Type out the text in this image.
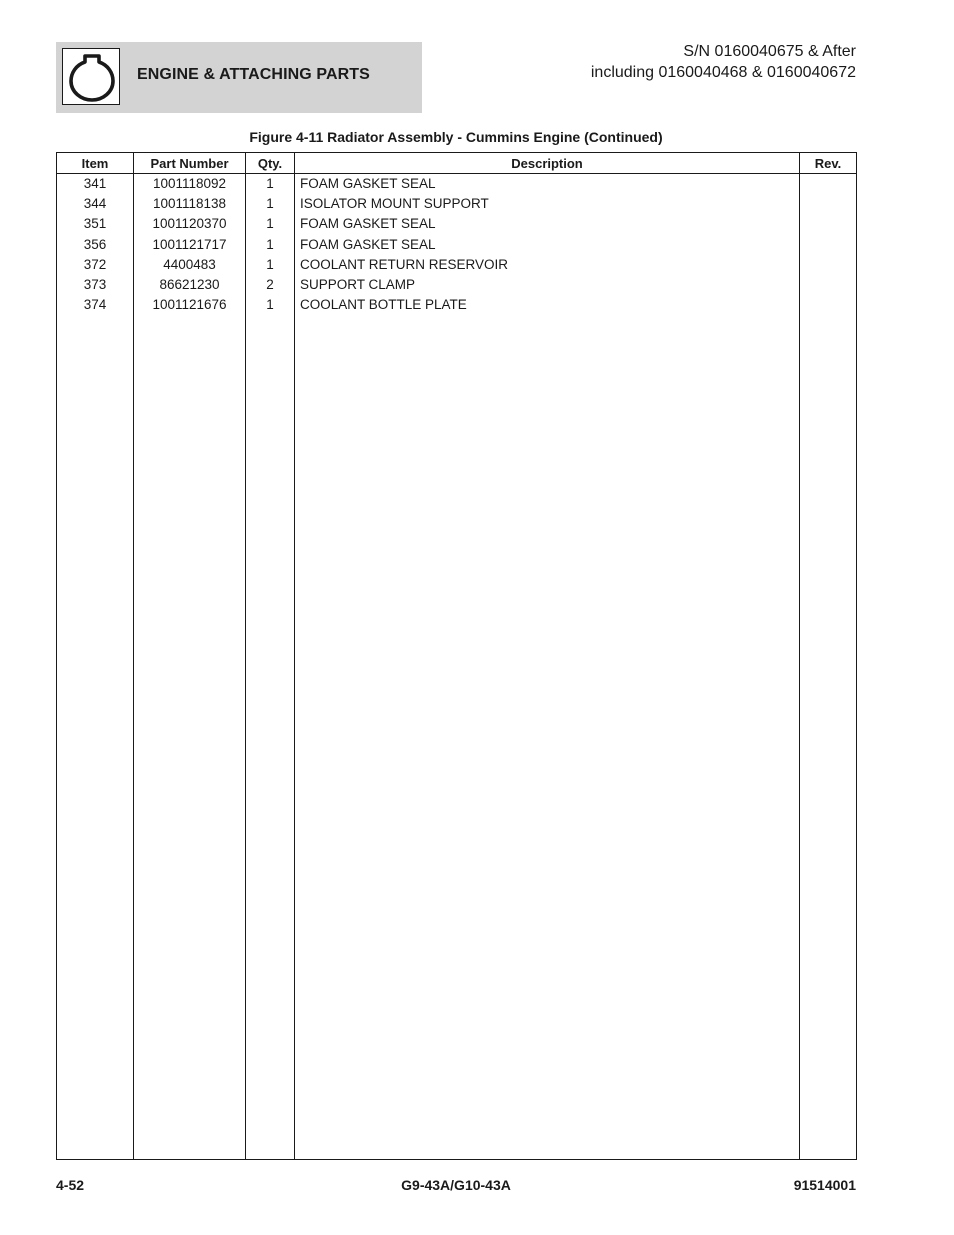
ENGINE & ATTACHING PARTS
S/N 0160040675 & After
including 0160040468 & 0160040672
Figure 4-11 Radiator Assembly - Cummins Engine (Continued)
Item	Part Number	Qty.	Description	Rev.
341	1001118092	1	FOAM GASKET SEAL	
344	1001118138	1	ISOLATOR MOUNT SUPPORT	
351	1001120370	1	FOAM GASKET SEAL	
356	1001121717	1	FOAM GASKET SEAL	
372	4400483	1	COOLANT RETURN RESERVOIR	
373	86621230	2	SUPPORT CLAMP	
374	1001121676	1	COOLANT BOTTLE PLATE	

4-52	G9-43A/G10-43A	91514001
